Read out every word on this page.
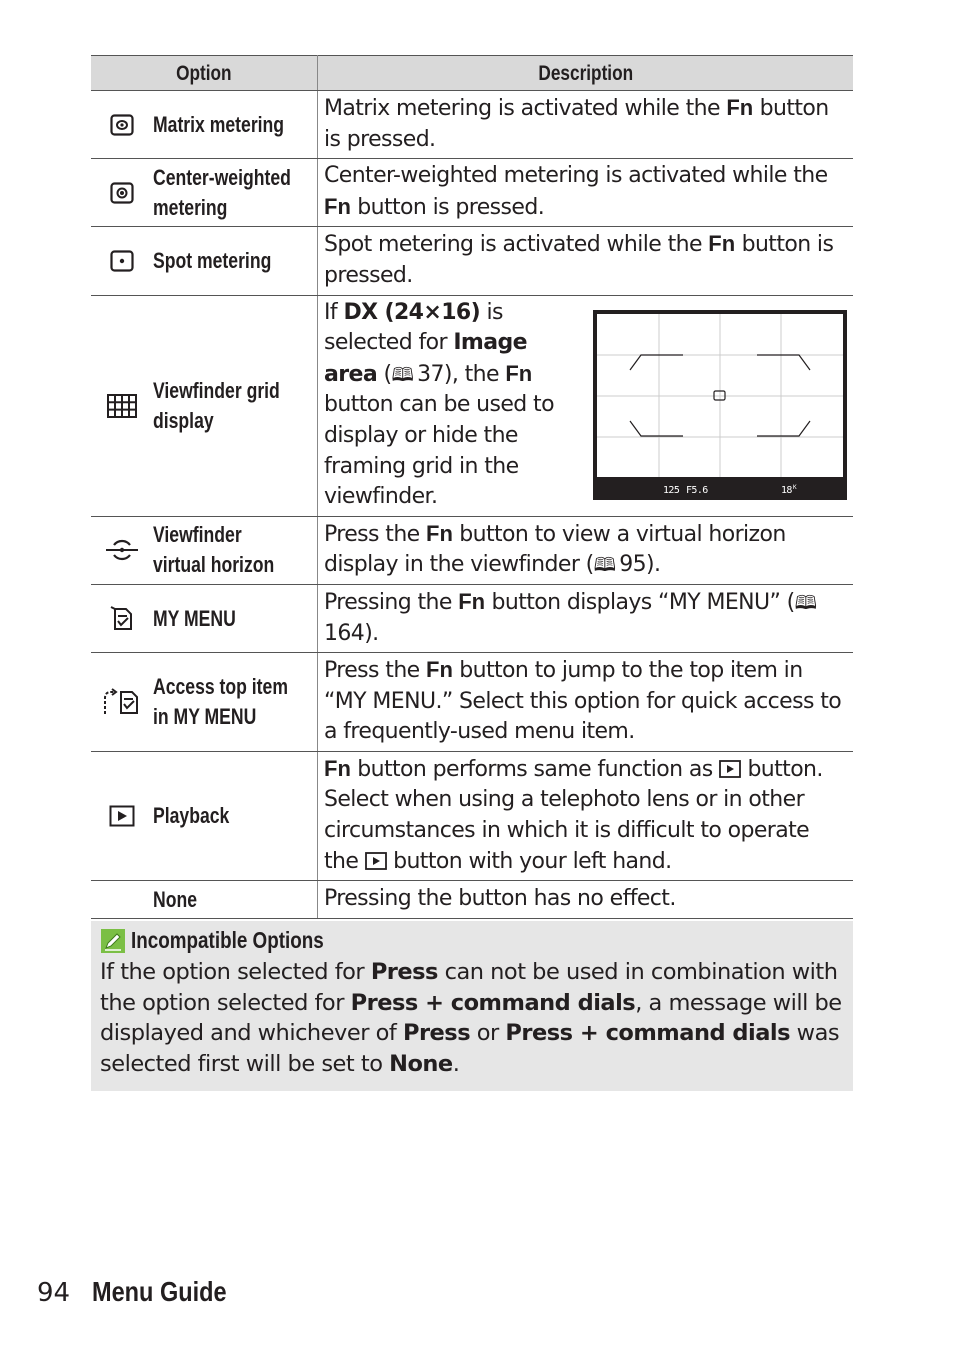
Option	Description

Matrix metering	Matrix metering is activated while the Fn button is pressed.

Center-weighted
metering	Center-weighted metering is activated while the Fn button is pressed.

Spot metering	Spot metering is activated while the Fn button is pressed.

Viewfinder grid
display	If DX (24×16) is selected for Image area (🕮  37), the Fn button can be used to display or hide the framing grid in the viewfinder. 125 F5.6 18 K

Viewfinder
virtual horizon	Press the Fn button to view a virtual horizon display in the viewfinder (🕮  95).

MY MENU	Pressing the Fn button displays “MY MENU” (🕮 164).

Access top item
in MY MENU	Press the Fn button to jump to the top item in “MY MENU.” Select this option for quick access to a frequently-used menu item.

Playback	Fn button performs same function as  button. Select when using a telephoto lens or in other circumstances in which it is difficult to operate the  button with your left hand.

None	Pressing the button has no effect.
Incompatible Options
If the option selected for Press can not be used in combination with the option selected for Press + command dials, a message will be displayed and whichever of Press or Press + command dials was selected first will be set to None.
94 Menu Guide
